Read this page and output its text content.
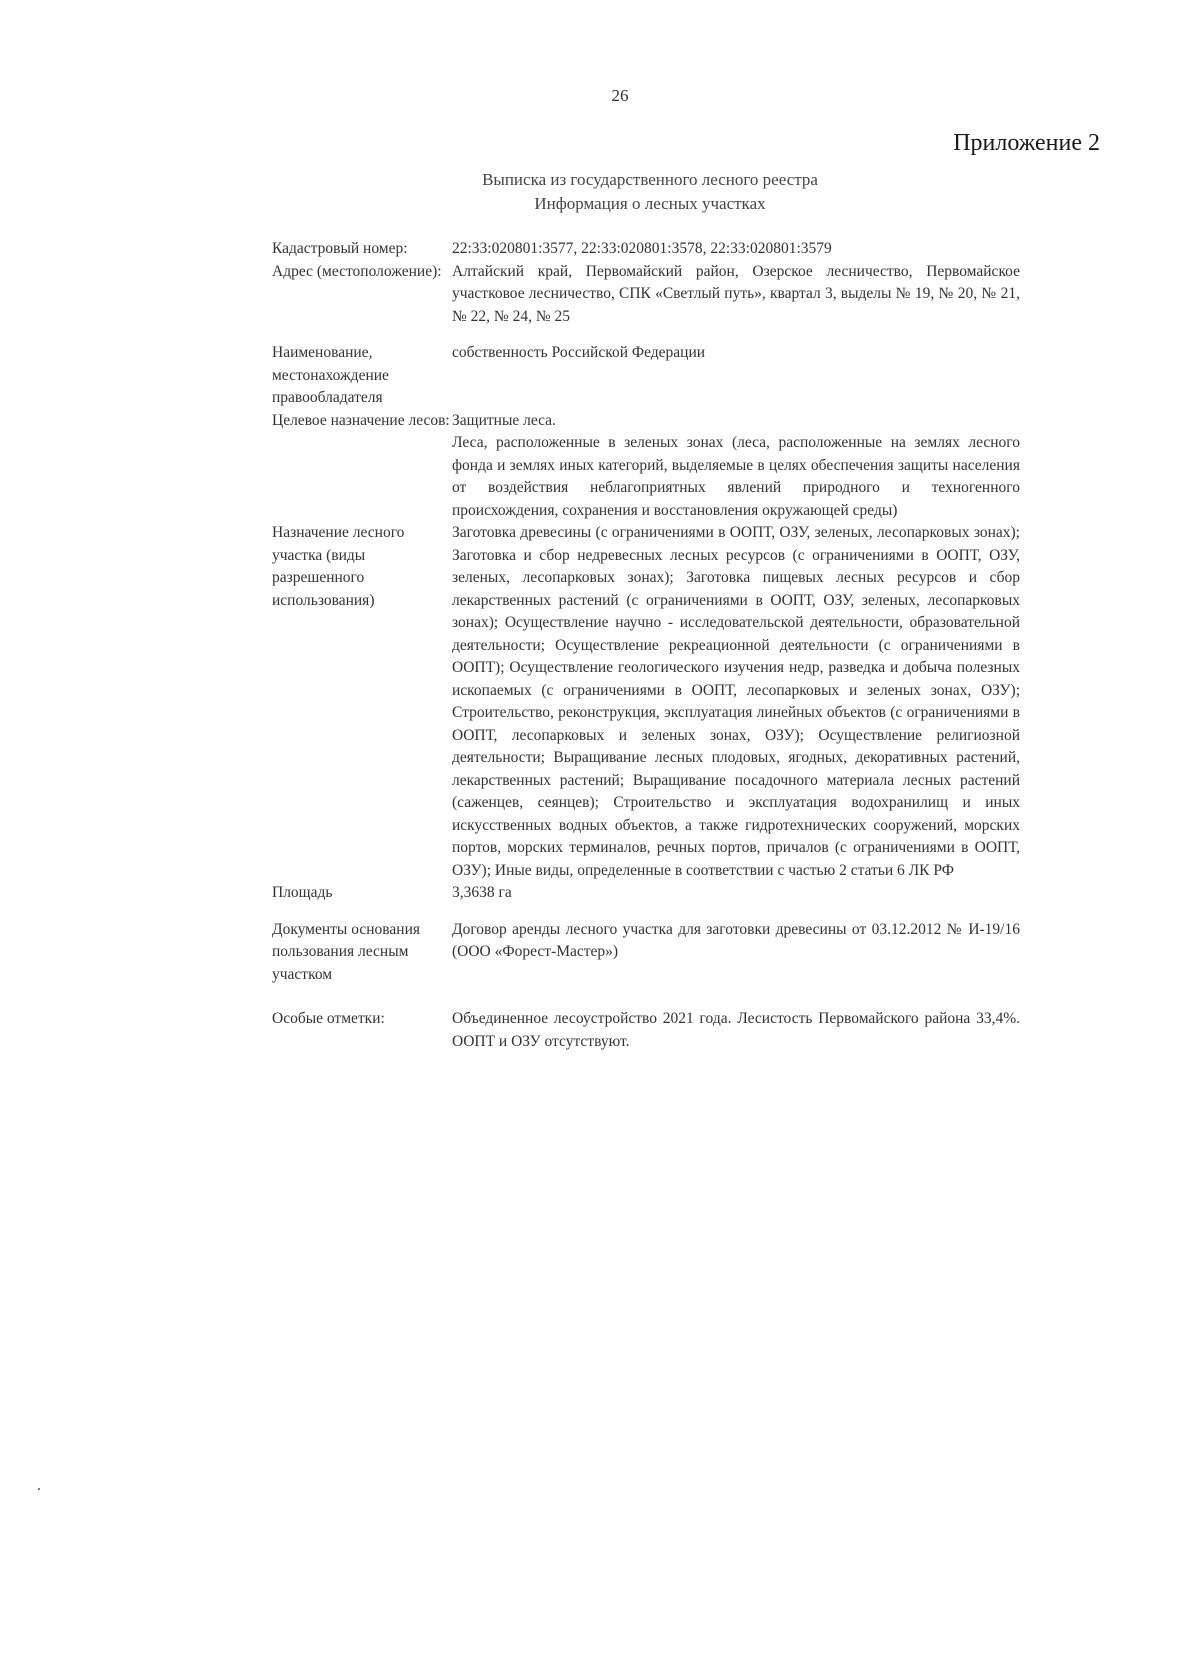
26
Приложение 2
Выписка из государственного лесного реестра
Информация о лесных участках
Кадастровый номер:	22:33:020801:3577, 22:33:020801:3578, 22:33:020801:3579
Адрес (местоположение):	Алтайский край, Первомайский район, Озерское лесничество, Первомайское участковое лесничество, СПК «Светлый путь», квартал 3, выделы № 19, № 20, № 21, № 22, № 24, № 25
Наименование, местонахождение правообладателя	собственность Российской Федерации
Целевое назначение лесов:	Защитные леса.
Леса, расположенные в зеленых зонах (леса, расположенные на землях лесного фонда и землях иных категорий, выделяемые в целях обеспечения защиты населения от воздействия неблагоприятных явлений природного и техногенного происхождения, сохранения и восстановления окружающей среды)

Назначение лесного участка (виды разрешенного использования)	Заготовка древесины (с ограничениями в ООПТ, ОЗУ, зеленых, лесопарковых зонах); Заготовка и сбор недревесных лесных ресурсов (с ограничениями в ООПТ, ОЗУ, зеленых, лесопарковых зонах); Заготовка пищевых лесных ресурсов и сбор лекарственных растений (с ограничениями в ООПТ, ОЗУ, зеленых, лесопарковых зонах); Осуществление научно - исследовательской деятельности, образовательной деятельности; Осуществление рекреационной деятельности (с ограничениями в ООПТ); Осуществление геологического изучения недр, разведка и добыча полезных ископаемых (с ограничениями в ООПТ, лесопарковых и зеленых зонах, ОЗУ); Строительство, реконструкция, эксплуатация линейных объектов (с ограничениями в ООПТ, лесопарковых и зеленых зонах, ОЗУ); Осуществление религиозной деятельности; Выращивание лесных плодовых, ягодных, декоративных растений, лекарственных растений; Выращивание посадочного материала лесных растений (саженцев, сеянцев); Строительство и эксплуатация водохранилищ и иных искусственных водных объектов, а также гидротехнических сооружений, морских портов, морских терминалов, речных портов, причалов (с ограничениями в ООПТ, ОЗУ); Иные виды, определенные в соответствии с частью 2 статьи 6 ЛК РФ
Площадь	3,3638 га
Документы основания пользования лесным участком	Договор аренды лесного участка для заготовки древесины от 03.12.2012 № И-19/16 (ООО «Форест-Мастер»)
Особые отметки:	Объединенное лесоустройство 2021 года. Лесистость Первомайского района 33,4%. ООПТ и ОЗУ отсутствуют.
